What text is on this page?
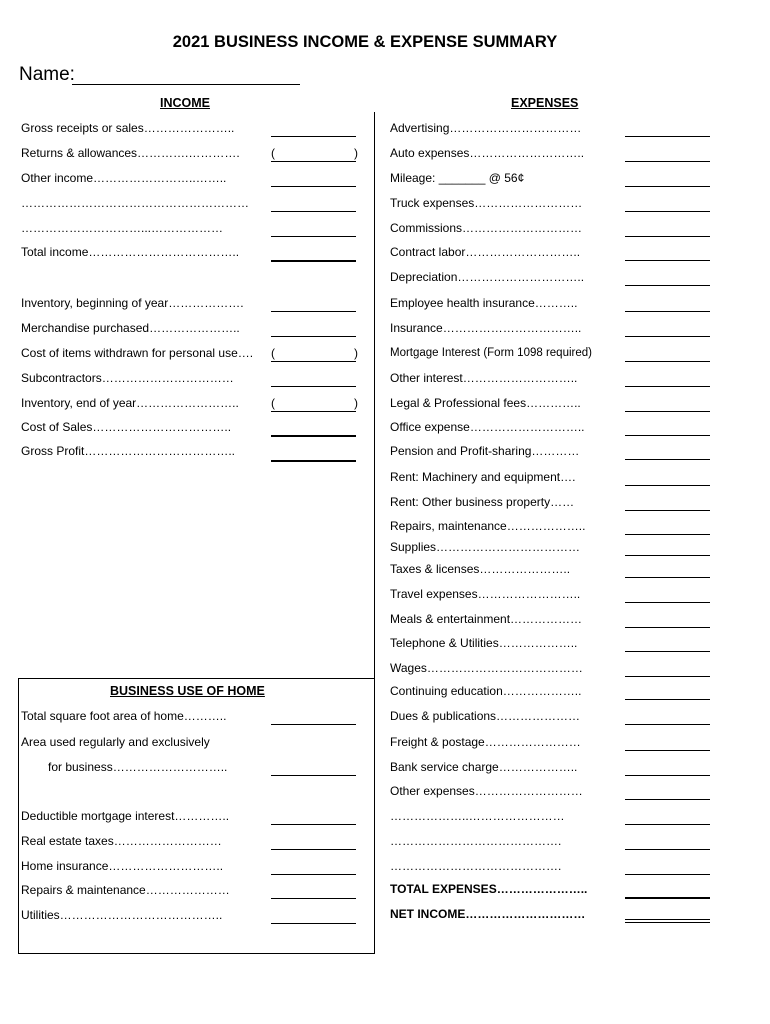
2021 BUSINESS INCOME & EXPENSE SUMMARY
Name:
INCOME	EXPENSES
Gross receipts or sales…………………..
Returns & allowances………….………….	(	)
Other income……………………..……..
…………………………………………………
…………………………...………………
Total income………………………………..
Inventory, beginning of year……………….
Merchandise purchased…………………..
Cost of items withdrawn for personal use…. (	)
Subcontractors……………………………
Inventory, end of year……………………..	(	)
Cost of Sales……………………………..
Gross Profit………………………………..
BUSINESS USE OF HOME
Total square foot area of home………..
Area used regularly and exclusively
for business………………………..
Deductible mortgage interest…………..
Real estate taxes………………………
Home insurance………………………..
Repairs & maintenance…………………
Utilities…………………………………..
Advertising……………………………
Auto expenses………………………..
Mileage: _______ @ 56¢
Truck expenses………………………
Commissions…………………………
Contract labor………………………..
Depreciation…………………………..
Employee health insurance………..
Insurance……………………………..
Mortgage Interest (Form 1098 required)
Other interest………………………..
Legal & Professional fees…………..
Office expense………………………..
Pension and Profit-sharing…………
Rent: Machinery and equipment….
Rent: Other business property……
Repairs, maintenance………………..
Supplies………………………………
Taxes & licenses…………………..
Travel expenses……………………..
Meals & entertainment………………
Telephone & Utilities………………..
Wages…………………………………
Continuing education………………..
Dues & publications…………………
Freight & postage……………………
Bank service charge………………..
Other expenses………………………
………………..……………………
…………………………………….
…………………………………….
TOTAL EXPENSES…………………..
NET INCOME…………………………
